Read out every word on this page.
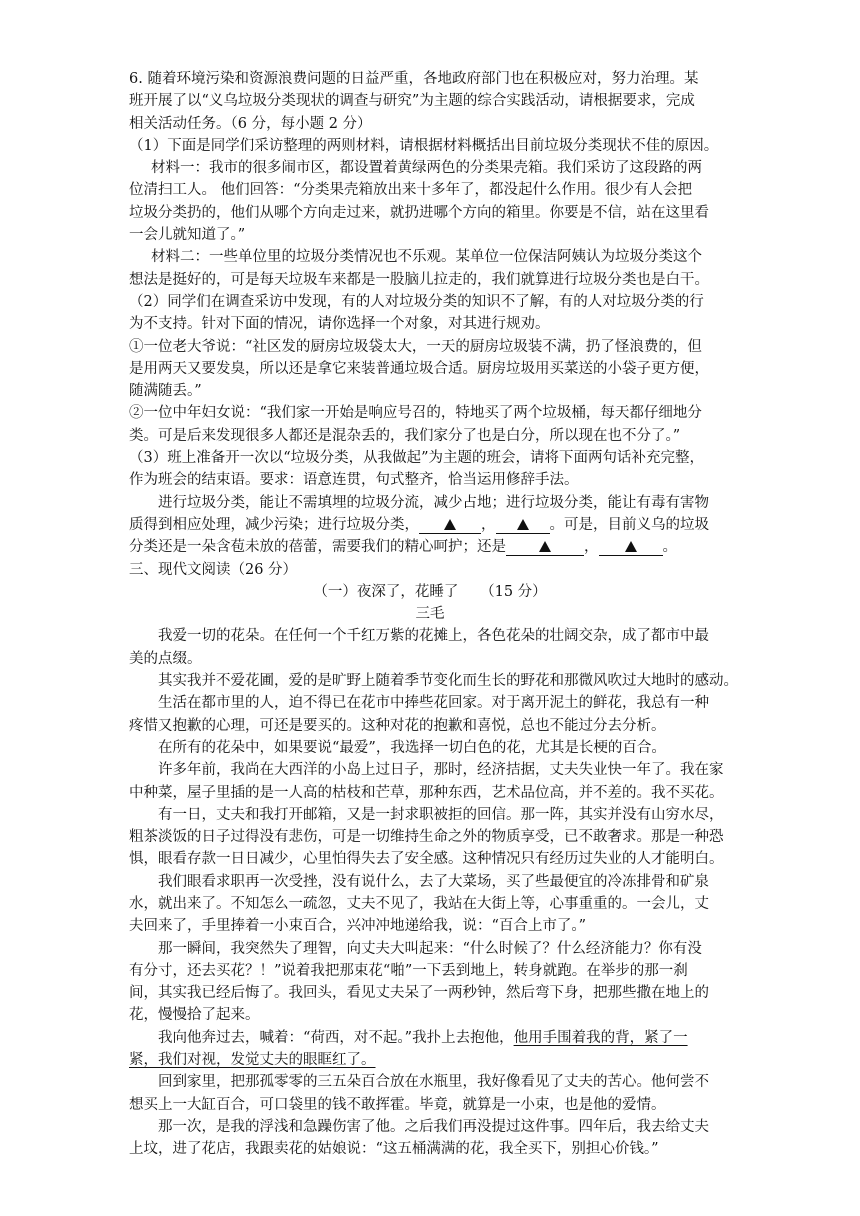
6. 随着环境污染和资源浪费问题的日益严重，各地政府部门也在积极应对，努力治理。某

班开展了以“义乌垃圾分类现状的调查与研究”为主题的综合实践活动，请根据要求，完成

相关活动任务。（6 分，每小题 2 分）

（1）下面是同学们采访整理的两则材料，请根据材料概括出目前垃圾分类现状不佳的原因。

材料一：我市的很多闹市区，都设置着黄绿两色的分类果壳箱。我们采访了这段路的两

位清扫工人。 他们回答：“分类果壳箱放出来十多年了，都没起什么作用。很少有人会把

垃圾分类扔的，他们从哪个方向走过来，就扔进哪个方向的箱里。你要是不信，站在这里看

一会儿就知道了。”

材料二：一些单位里的垃圾分类情况也不乐观。某单位一位保洁阿姨认为垃圾分类这个

想法是挺好的，可是每天垃圾车来都是一股脑儿拉走的，我们就算进行垃圾分类也是白干。

（2）同学们在调查采访中发现，有的人对垃圾分类的知识不了解，有的人对垃圾分类的行

为不支持。针对下面的情况，请你选择一个对象，对其进行规劝。

①一位老大爷说：“社区发的厨房垃圾袋太大，一天的厨房垃圾装不满，扔了怪浪费的，但

是用两天又要发臭，所以还是拿它来装普通垃圾合适。厨房垃圾用买菜送的小袋子更方便，

随满随丢。”

②一位中年妇女说：“我们家一开始是响应号召的，特地买了两个垃圾桶，每天都仔细地分

类。可是后来发现很多人都还是混杂丢的，我们家分了也是白分，所以现在也不分了。”

（3）班上准备开一次以“垃圾分类，从我做起”为主题的班会，请将下面两句话补充完整，

作为班会的结束语。要求：语意连贯，句式整齐，恰当运用修辞手法。

进行垃圾分类，能让不需填埋的垃圾分流，减少占地；进行垃圾分类，能让有毒有害物

质得到相应处理，减少污染；进行垃圾分类，	，	。可是，目前义乌的垃圾

分类还是一朵含苞未放的蓓蕾，需要我们的精心呵护；还是	，	。

三、现代文阅读（26 分）

（一）夜深了，花睡了　　（15 分）

三毛

我爱一切的花朵。在任何一个千红万紫的花摊上，各色花朵的壮阔交杂，成了都市中最

美的点缀。

其实我并不爱花圃，爱的是旷野上随着季节变化而生长的野花和那微风吹过大地时的感动。

生活在都市里的人，迫不得已在花市中捧些花回家。对于离开泥土的鲜花，我总有一种

疼惜又抱歉的心理，可还是要买的。这种对花的抱歉和喜悦，总也不能过分去分析。

在所有的花朵中，如果要说“最爱”，我选择一切白色的花，尤其是长梗的百合。

许多年前，我尚在大西洋的小岛上过日子，那时，经济拮据，丈夫失业快一年了。我在家

中种菜，屋子里插的是一人高的枯枝和芒草，那种东西，艺术品位高，并不差的。我不买花。

有一日，丈夫和我打开邮箱，又是一封求职被拒的回信。那一阵，其实并没有山穷水尽，

粗茶淡饭的日子过得没有悲伤，可是一切维持生命之外的物质享受，已不敢奢求。那是一种恐

惧，眼看存款一日日减少，心里怕得失去了安全感。这种情况只有经历过失业的人才能明白。

我们眼看求职再一次受挫，没有说什么，去了大菜场，买了些最便宜的冷冻排骨和矿泉

水，就出来了。不知怎么一疏忽，丈夫不见了，我站在大街上等，心事重重的。一会儿，丈

夫回来了，手里捧着一小束百合，兴冲冲地递给我，说：“百合上市了。”

那一瞬间，我突然失了理智，向丈夫大叫起来：“什么时候了？什么经济能力？你有没

有分寸，还去买花？！”说着我把那束花“啪”一下丢到地上，转身就跑。在举步的那一刹

间，其实我已经后悔了。我回头，看见丈夫呆了一两秒钟，然后弯下身，把那些撒在地上的

花，慢慢拾了起来。

我向他奔过去，喊着：“荷西，对不起。”我扑上去抱他，他用手围着我的背，紧了一

紧，我们对视，发觉丈夫的眼眶红了。

回到家里，把那孤零零的三五朵百合放在水瓶里，我好像看见了丈夫的苦心。他何尝不

想买上一大缸百合，可口袋里的钱不敢挥霍。毕竟，就算是一小束，也是他的爱情。

那一次，是我的浮浅和急躁伤害了他。之后我们再没提过这件事。四年后，我去给丈夫

上坟，进了花店，我跟卖花的姑娘说：“这五桶满满的花，我全买下，别担心价钱。”
